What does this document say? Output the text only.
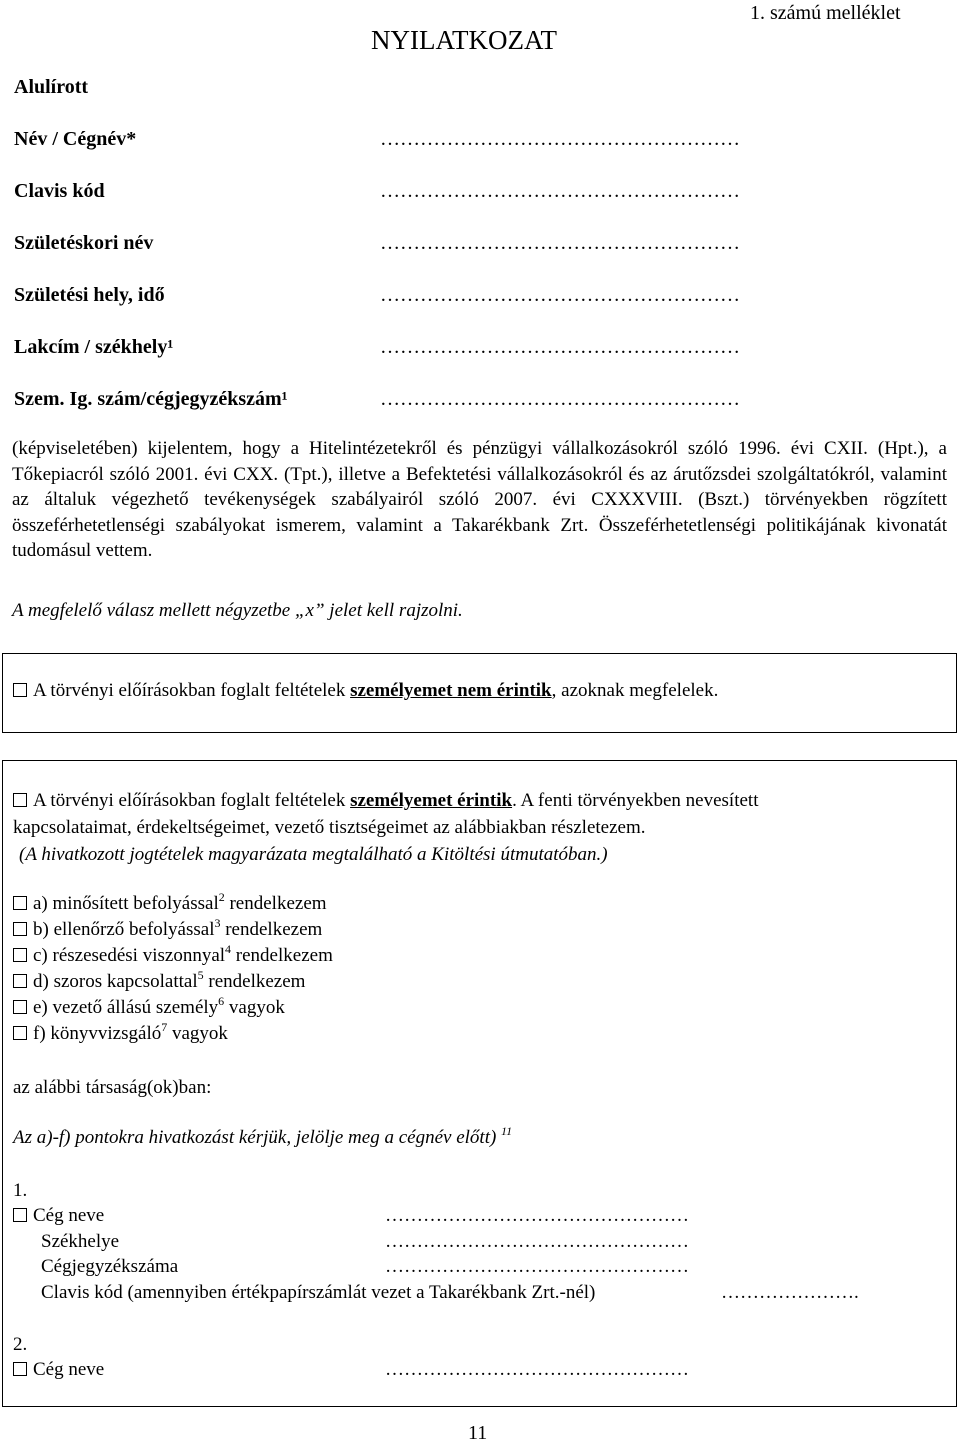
NYILATKOZAT
1. számú melléklet
Alulírott
Név / Cégnév*	………………………………………………
Clavis kód	………………………………………………
Születéskori név	………………………………………………
Születési hely, idő	………………………………………………
Lakcím / székhely¹	………………………………………………
Szem. Ig. szám/cégjegyzékszám¹	………………………………………………
(képviseletében) kijelentem, hogy a Hitelintézetekről és pénzügyi vállalkozásokról szóló 1996. évi CXII. (Hpt.), a Tőkepiacról szóló 2001. évi CXX. (Tpt.), illetve a Befektetési vállalkozásokról és az árutőzsdei szolgáltatókról, valamint az általuk végezhető tevékenységek szabályairól szóló 2007. évi CXXXVIII. (Bszt.) törvényekben rögzített összeférhetetlenségi szabályokat ismerem, valamint a Takarékbank Zrt. Összeférhetetlenségi politikájának kivonatát tudomásul vettem.
A megfelelő válasz mellett négyzetbe „x” jelet kell rajzolni.
A törvényi előírásokban foglalt feltételek személyemet nem érintik, azoknak megfelelek.
A törvényi előírásokban foglalt feltételek személyemet érintik. A fenti törvényekben nevesített
kapcsolataimat, érdekeltségeimet, vezető tisztségeimet az alábbiakban részletezem.
(A hivatkozott jogtételek magyarázata megtalálható a Kitöltési útmutatóban.)
a) minősített befolyással$^2$ rendelkezem
b) ellenőrző befolyással$^3$ rendelkezem
c) részesedési viszonnyal$^4$ rendelkezem
d) szoros kapcsolattal$^5$ rendelkezem
e) vezető állású személy$^6$ vagyok
f) könyvvizsgáló$^7$ vagyok
az alábbi társaság(ok)ban:
Az a)-f) pontokra hivatkozást kérjük, jelölje meg a cégnév előtt) $^{11}$
1.
Cég neve	…………………………………………
Székhelye	…………………………………………
Cégjegyzékszáma	…………………………………………
Clavis kód (amennyiben értékpapírszámlát vezet a Takarékbank Zrt.-nél)	………………….
2.
Cég neve	…………………………………………
11
